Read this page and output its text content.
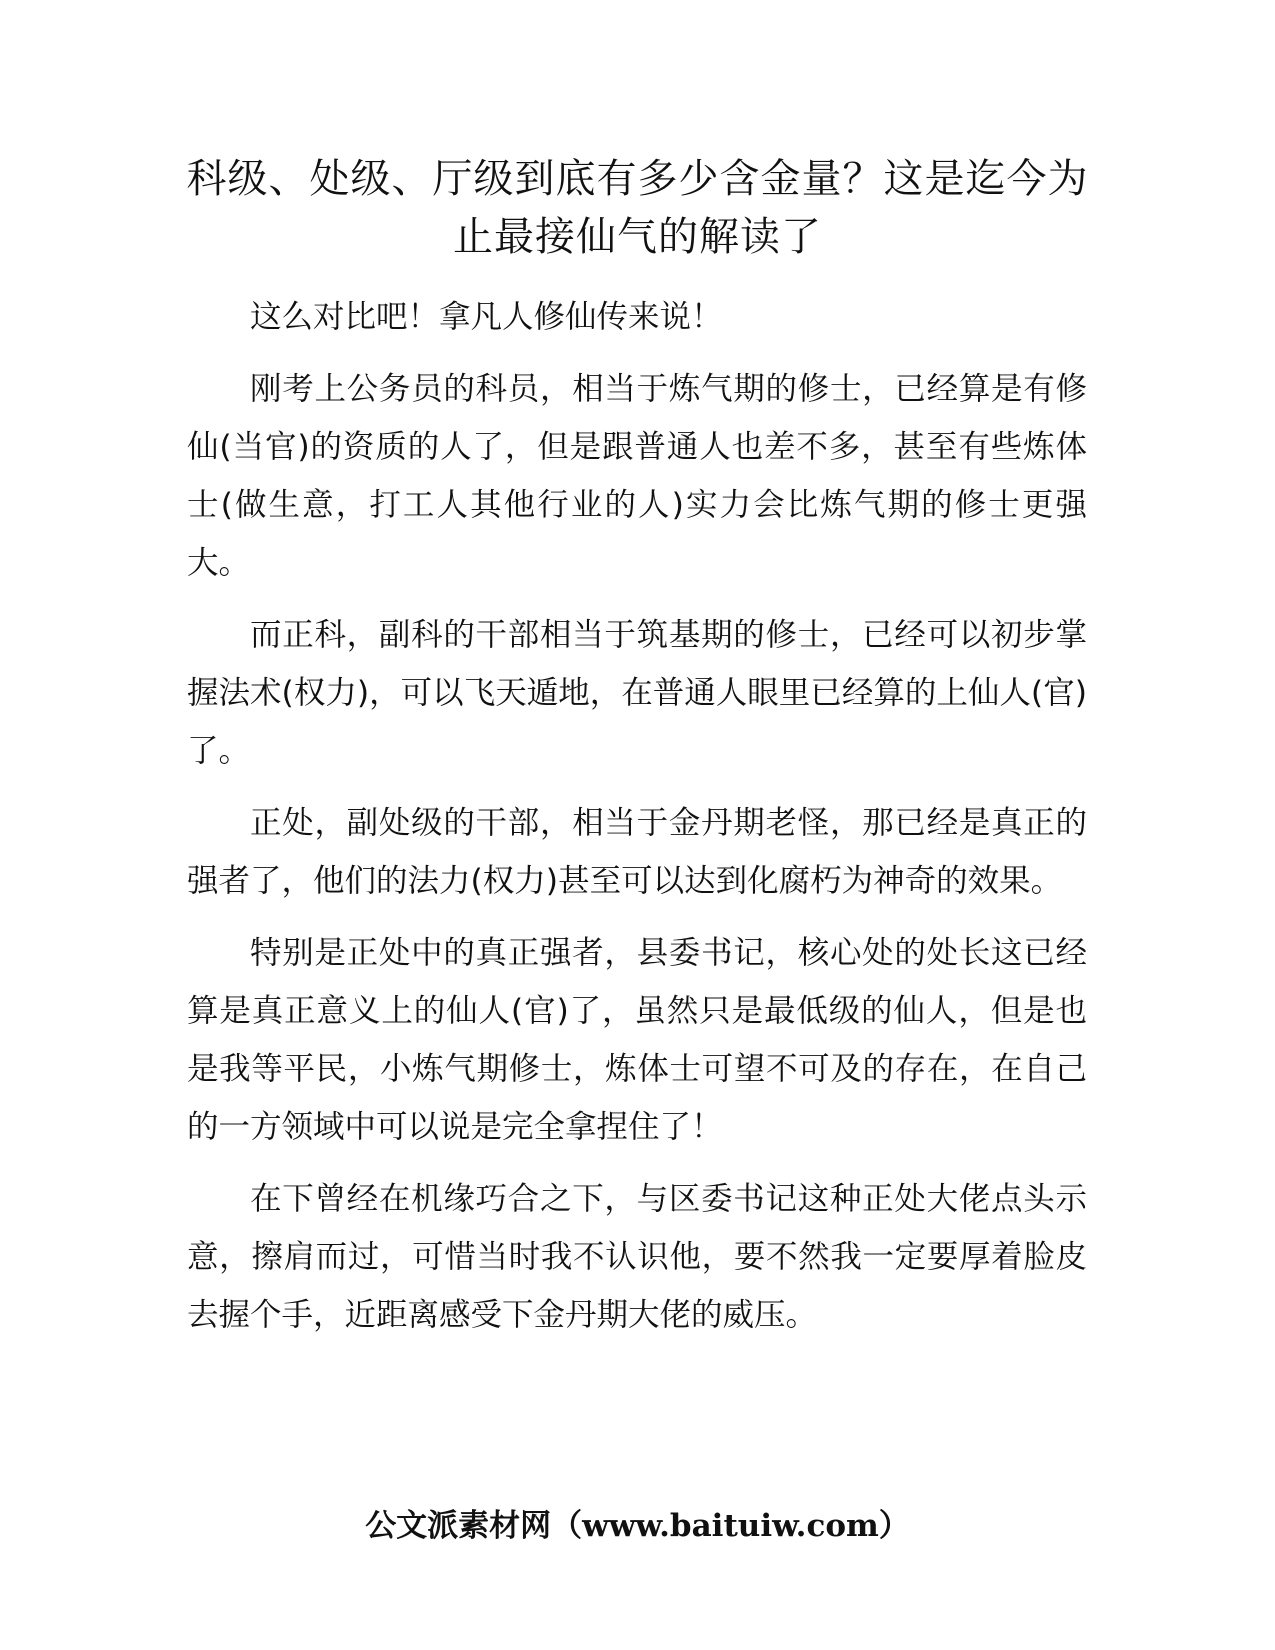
科级、处级、厅级到底有多少含金量？这是迄今为止最接仙气的解读了

这么对比吧！拿凡人修仙传来说！

刚考上公务员的科员，相当于炼气期的修士，已经算是有修仙(当官)的资质的人了，但是跟普通人也差不多，甚至有些炼体士(做生意，打工人其他行业的人)实力会比炼气期的修士更强大。

而正科，副科的干部相当于筑基期的修士，已经可以初步掌握法术(权力)，可以飞天遁地，在普通人眼里已经算的上仙人(官)了。

正处，副处级的干部，相当于金丹期老怪，那已经是真正的强者了，他们的法力(权力)甚至可以达到化腐朽为神奇的效果。

特别是正处中的真正强者，县委书记，核心处的处长这已经算是真正意义上的仙人(官)了，虽然只是最低级的仙人，但是也是我等平民，小炼气期修士，炼体士可望不可及的存在，在自己的一方领域中可以说是完全拿捏住了！

在下曾经在机缘巧合之下，与区委书记这种正处大佬点头示意，擦肩而过，可惜当时我不认识他，要不然我一定要厚着脸皮去握个手，近距离感受下金丹期大佬的威压。

公文派素材网（www.baituiw.com）
